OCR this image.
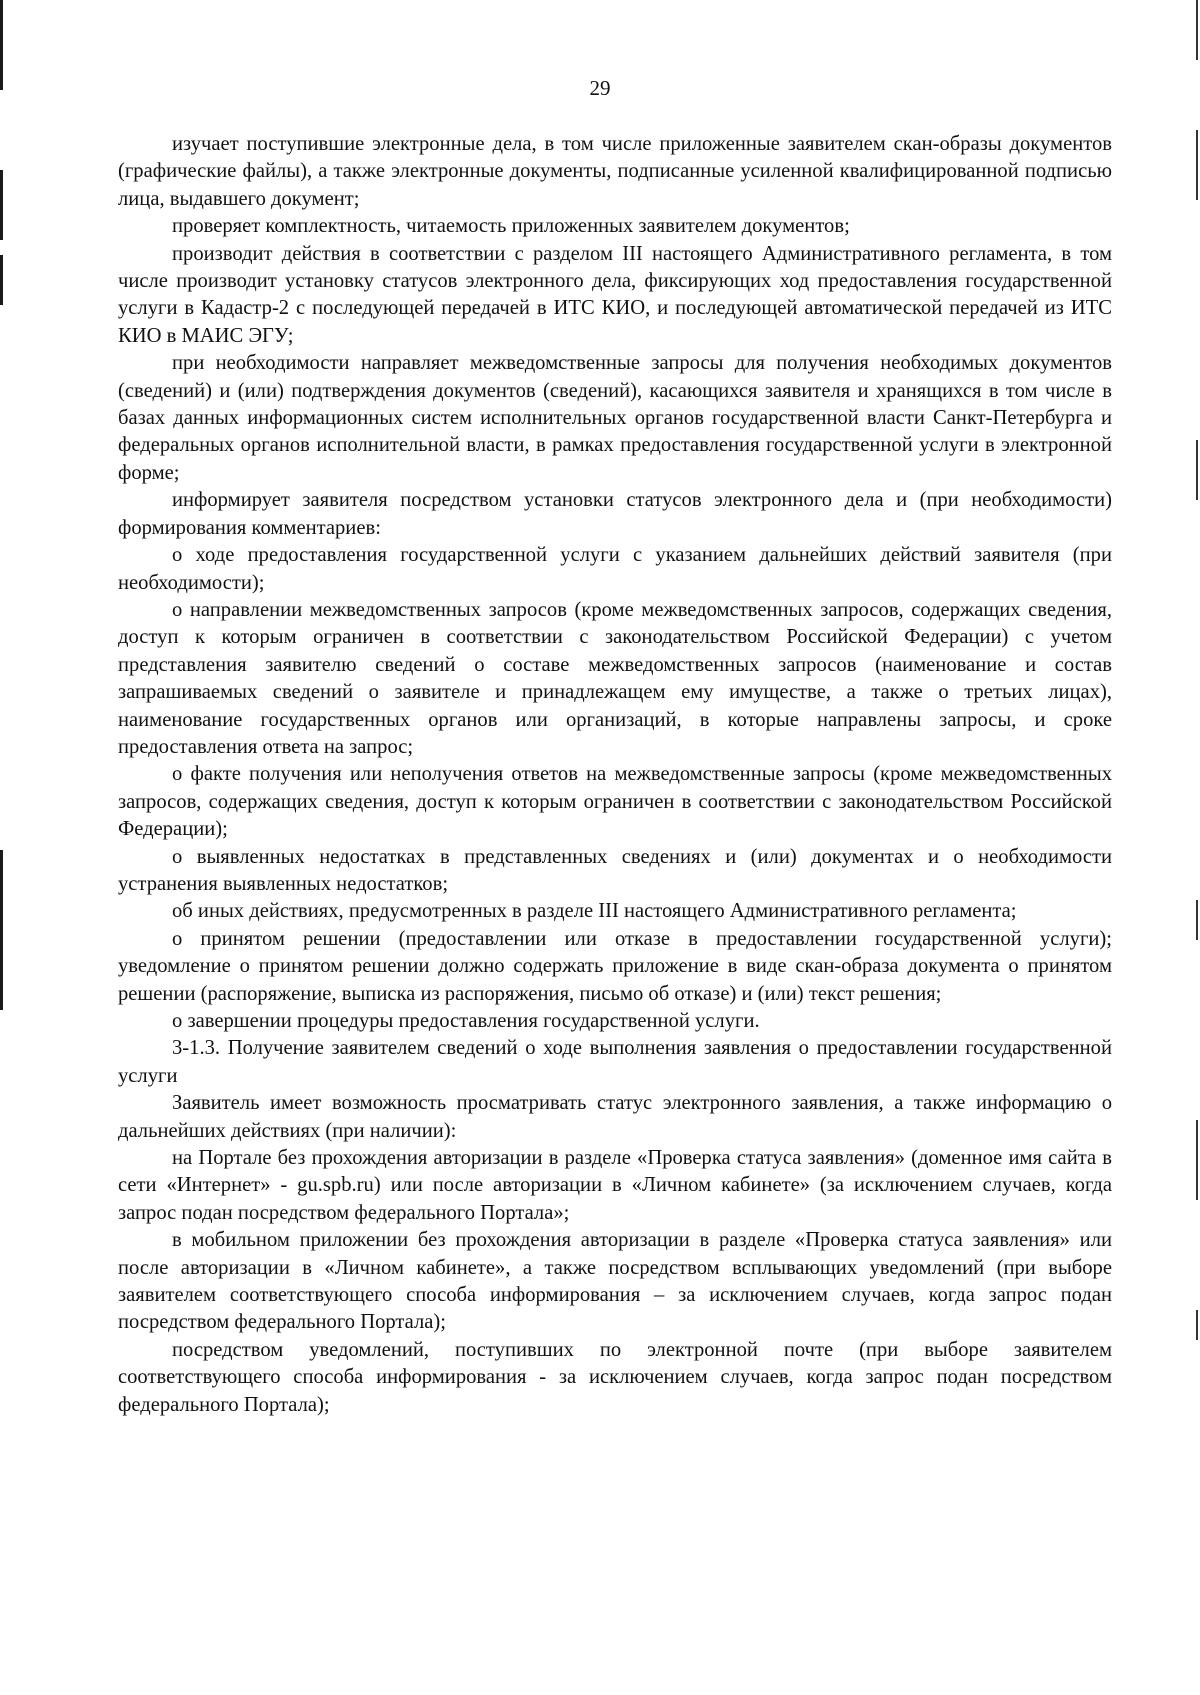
29

изучает поступившие электронные дела, в том числе приложенные заявителем скан-образы документов (графические файлы), а также электронные документы, подписанные усиленной квалифицированной подписью лица, выдавшего документ;

проверяет комплектность, читаемость приложенных заявителем документов;

производит действия в соответствии с разделом III настоящего Административного регламента, в том числе производит установку статусов электронного дела, фиксирующих ход предоставления государственной услуги в Кадастр-2 с последующей передачей в ИТС КИО, и последующей автоматической передачей из ИТС КИО в МАИС ЭГУ;

при необходимости направляет межведомственные запросы для получения необходимых документов (сведений) и (или) подтверждения документов (сведений), касающихся заявителя и хранящихся в том числе в базах данных информационных систем исполнительных органов государственной власти Санкт-Петербурга и федеральных органов исполнительной власти, в рамках предоставления государственной услуги в электронной форме;

информирует заявителя посредством установки статусов электронного дела и (при необходимости) формирования комментариев:

о ходе предоставления государственной услуги с указанием дальнейших действий заявителя (при необходимости);

о направлении межведомственных запросов (кроме межведомственных запросов, содержащих сведения, доступ к которым ограничен в соответствии с законодательством Российской Федерации) с учетом представления заявителю сведений о составе межведомственных запросов (наименование и состав запрашиваемых сведений о заявителе и принадлежащем ему имуществе, а также о третьих лицах), наименование государственных органов или организаций, в которые направлены запросы, и сроке предоставления ответа на запрос;

о факте получения или неполучения ответов на межведомственные запросы (кроме межведомственных запросов, содержащих сведения, доступ к которым ограничен в соответствии с законодательством Российской Федерации);

о выявленных недостатках в представленных сведениях и (или) документах и о необходимости устранения выявленных недостатков;

об иных действиях, предусмотренных в разделе III настоящего Административного регламента;

о принятом решении (предоставлении или отказе в предоставлении государственной услуги); уведомление о принятом решении должно содержать приложение в виде скан-образа документа о принятом решении (распоряжение, выписка из распоряжения, письмо об отказе) и (или) текст решения;

о завершении процедуры предоставления государственной услуги.

3-1.3. Получение заявителем сведений о ходе выполнения заявления о предоставлении государственной услуги

Заявитель имеет возможность просматривать статус электронного заявления, а также информацию о дальнейших действиях (при наличии):

на Портале без прохождения авторизации в разделе «Проверка статуса заявления» (доменное имя сайта в сети «Интернет» - gu.spb.ru) или после авторизации в «Личном кабинете» (за исключением случаев, когда запрос подан посредством федерального Портала»;

в мобильном приложении без прохождения авторизации в разделе «Проверка статуса заявления» или после авторизации в «Личном кабинете», а также посредством всплывающих уведомлений (при выборе заявителем соответствующего способа информирования – за исключением случаев, когда запрос подан посредством федерального Портала);

посредством уведомлений, поступивших по электронной почте (при выборе заявителем соответствующего способа информирования - за исключением случаев, когда запрос подан посредством федерального Портала);
